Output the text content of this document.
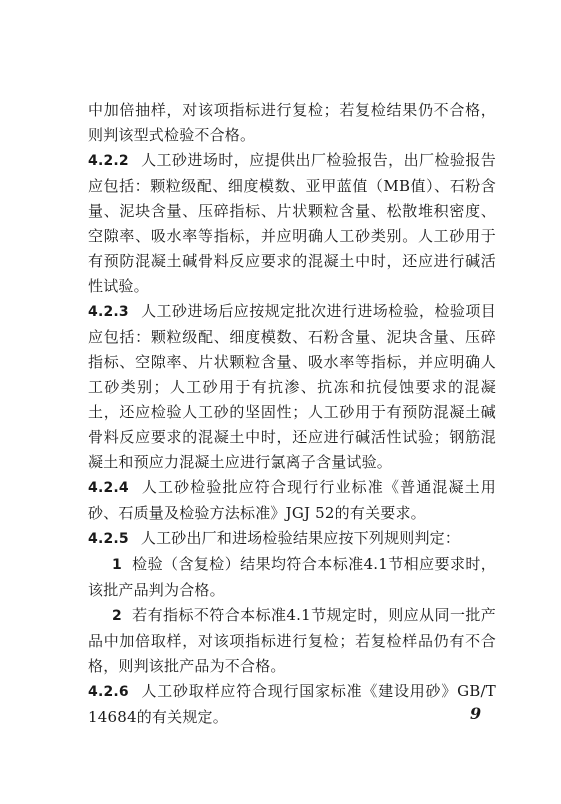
中加倍抽样，对该项指标进行复检；若复检结果仍不合格，则判该型式检验不合格。

4.2.2 人工砂进场时，应提供出厂检验报告，出厂检验报告应包括：颗粒级配、细度模数、亚甲蓝值（MB值）、石粉含量、泥块含量、压碎指标、片状颗粒含量、松散堆积密度、空隙率、吸水率等指标，并应明确人工砂类别。人工砂用于有预防混凝土碱骨料反应要求的混凝土中时，还应进行碱活性试验。

4.2.3 人工砂进场后应按规定批次进行进场检验，检验项目应包括：颗粒级配、细度模数、石粉含量、泥块含量、压碎指标、空隙率、片状颗粒含量、吸水率等指标，并应明确人工砂类别；人工砂用于有抗渗、抗冻和抗侵蚀要求的混凝土，还应检验人工砂的坚固性；人工砂用于有预防混凝土碱骨料反应要求的混凝土中时，还应进行碱活性试验；钢筋混凝土和预应力混凝土应进行氯离子含量试验。

4.2.4 人工砂检验批应符合现行行业标准《普通混凝土用砂、石质量及检验方法标准》JGJ 52的有关要求。

4.2.5 人工砂出厂和进场检验结果应按下列规则判定：

1 检验（含复检）结果均符合本标准4.1节相应要求时，该批产品判为合格。

2 若有指标不符合本标准4.1节规定时，则应从同一批产品中加倍取样，对该项指标进行复检；若复检样品仍有不合格，则判该批产品为不合格。

4.2.6 人工砂取样应符合现行国家标准《建设用砂》GB/T 14684的有关规定。	9
